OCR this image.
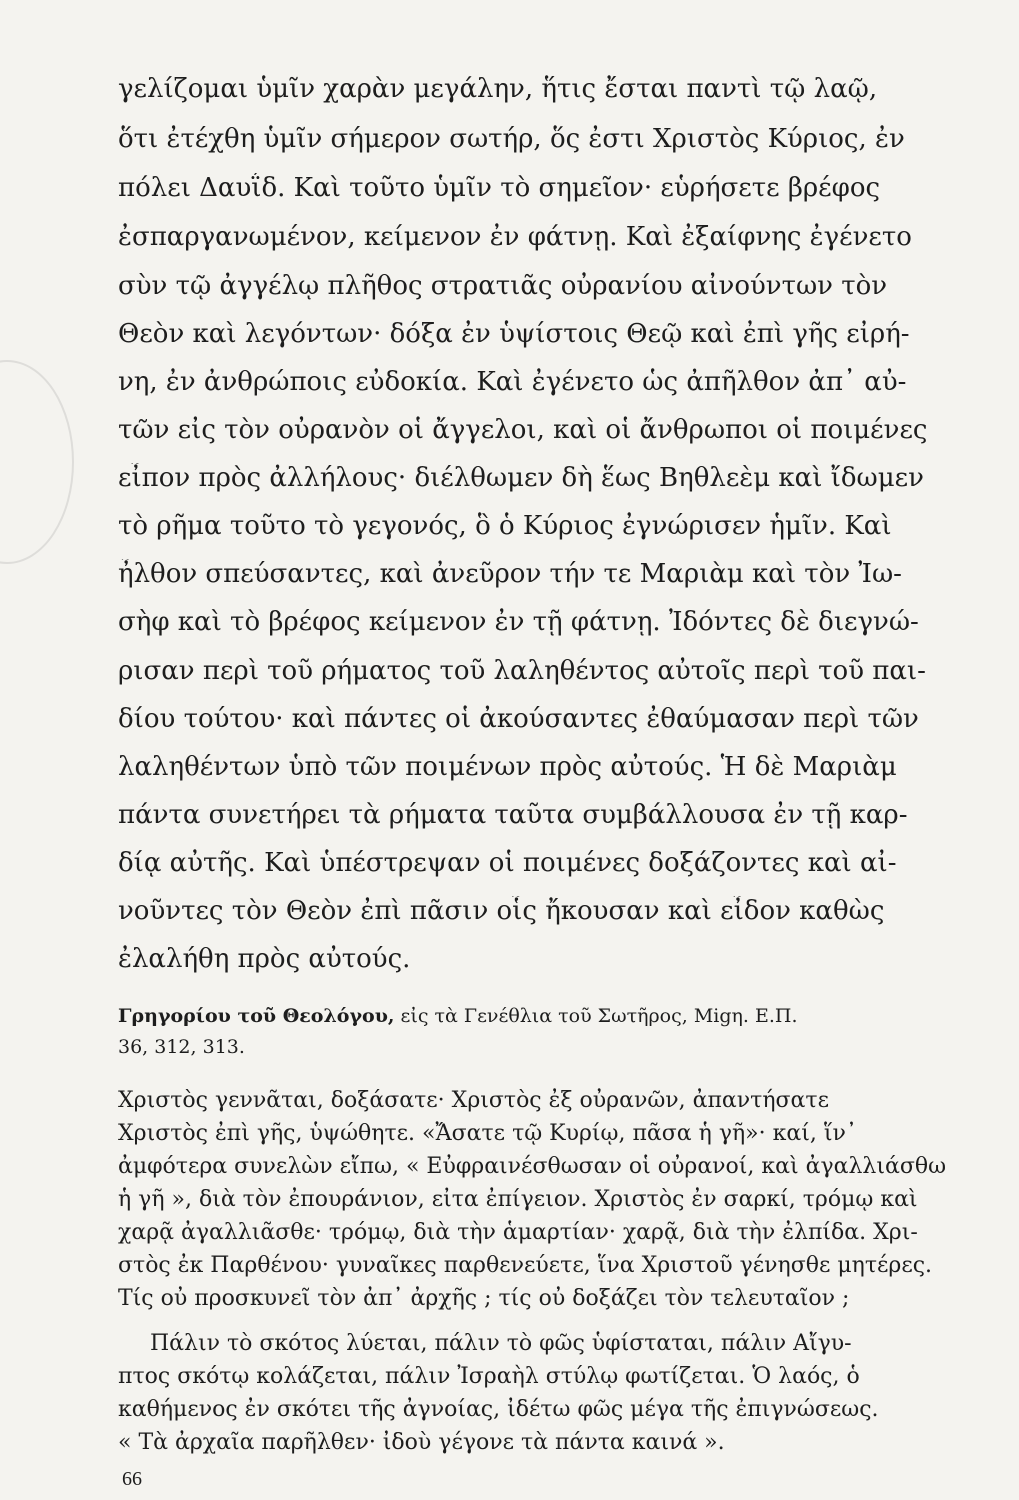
γελίζομαι ὑμῖν χαρὰν μεγάλην, ἥτις ἔσται παντὶ τῷ λαῷ,
ὅτι ἐτέχθη ὑμῖν σήμερον σωτήρ, ὅς ἐστι Χριστὸς Κύριος, ἐν
πόλει Δαυΐδ. Καὶ τοῦτο ὑμῖν τὸ σημεῖον· εὑρήσετε βρέφος
ἐσπαργανωμένον, κείμενον ἐν φάτνῃ. Καὶ ἐξαίφνης ἐγένετο
σὺν τῷ ἀγγέλῳ πλῆθος στρατιᾶς οὐρανίου αἰνούντων τὸν
Θεὸν καὶ λεγόντων· δόξα ἐν ὑψίστοις Θεῷ καὶ ἐπὶ γῆς εἰρή-
νη, ἐν ἀνθρώποις εὐδοκία. Καὶ ἐγένετο ὡς ἀπῆλθον ἀπ᾿ αὐ-
τῶν εἰς τὸν οὐρανὸν οἱ ἄγγελοι, καὶ οἱ ἄνθρωποι οἱ ποιμένες
εἶπον πρὸς ἀλλήλους· διέλθωμεν δὴ ἕως Βηθλεὲμ καὶ ἴδωμεν
τὸ ρῆμα τοῦτο τὸ γεγονός, ὃ ὁ Κύριος ἐγνώρισεν ἡμῖν. Καὶ
ἦλθον σπεύσαντες, καὶ ἀνεῦρον τήν τε Μαριὰμ καὶ τὸν Ἰω-
σὴφ καὶ τὸ βρέφος κείμενον ἐν τῇ φάτνῃ. Ἰδόντες δὲ διεγνώ-
ρισαν περὶ τοῦ ρήματος τοῦ λαληθέντος αὐτοῖς περὶ τοῦ παι-
δίου τούτου· καὶ πάντες οἱ ἀκούσαντες ἐθαύμασαν περὶ τῶν
λαληθέντων ὑπὸ τῶν ποιμένων πρὸς αὐτούς. Ἡ δὲ Μαριὰμ
πάντα συνετήρει τὰ ρήματα ταῦτα συμβάλλουσα ἐν τῇ καρ-
δίᾳ αὐτῆς. Καὶ ὑπέστρεψαν οἱ ποιμένες δοξάζοντες καὶ αἰ-
νοῦντες τὸν Θεὸν ἐπὶ πᾶσιν οἷς ἤκουσαν καὶ εἶδον καθὼς
ἐλαλήθη πρὸς αὐτούς.
Γρηγορίου τοῦ Θεολόγου, εἰς τὰ Γενέθλια τοῦ Σωτῆρος, Migη. Ε.Π.
36, 312, 313.
Χριστὸς γεννᾶται, δοξάσατε· Χριστὸς ἐξ οὐρανῶν, ἀπαντήσατε
Χριστὸς ἐπὶ γῆς, ὑψώθητε. «Ἄσατε τῷ Κυρίῳ, πᾶσα ἡ γῆ»· καί, ἵν᾿
ἀμφότερα συνελὼν εἴπω, « Εὐφραινέσθωσαν οἱ οὐρανοί, καὶ ἀγαλλιάσθω
ἡ γῆ », διὰ τὸν ἐπουράνιον, εἶτα ἐπίγειον. Χριστὸς ἐν σαρκί, τρόμῳ καὶ
χαρᾷ ἀγαλλιᾶσθε· τρόμῳ, διὰ τὴν ἁμαρτίαν· χαρᾷ, διὰ τὴν ἐλπίδα. Χρι-
στὸς ἐκ Παρθένου· γυναῖκες παρθενεύετε, ἵνα Χριστοῦ γένησθε μητέρες.
Τίς οὐ προσκυνεῖ τὸν ἀπ᾿ ἀρχῆς ; τίς οὐ δοξάζει τὸν τελευταῖον ;
Πάλιν τὸ σκότος λύεται, πάλιν τὸ φῶς ὑφίσταται, πάλιν Αἴγυ-
πτος σκότῳ κολάζεται, πάλιν Ἰσραὴλ στύλῳ φωτίζεται. Ὁ λαός, ὁ
καθήμενος ἐν σκότει τῆς ἀγνοίας, ἰδέτω φῶς μέγα τῆς ἐπιγνώσεως.
« Τὰ ἀρχαῖα παρῆλθεν· ἰδοὺ γέγονε τὰ πάντα καινά ».
66
